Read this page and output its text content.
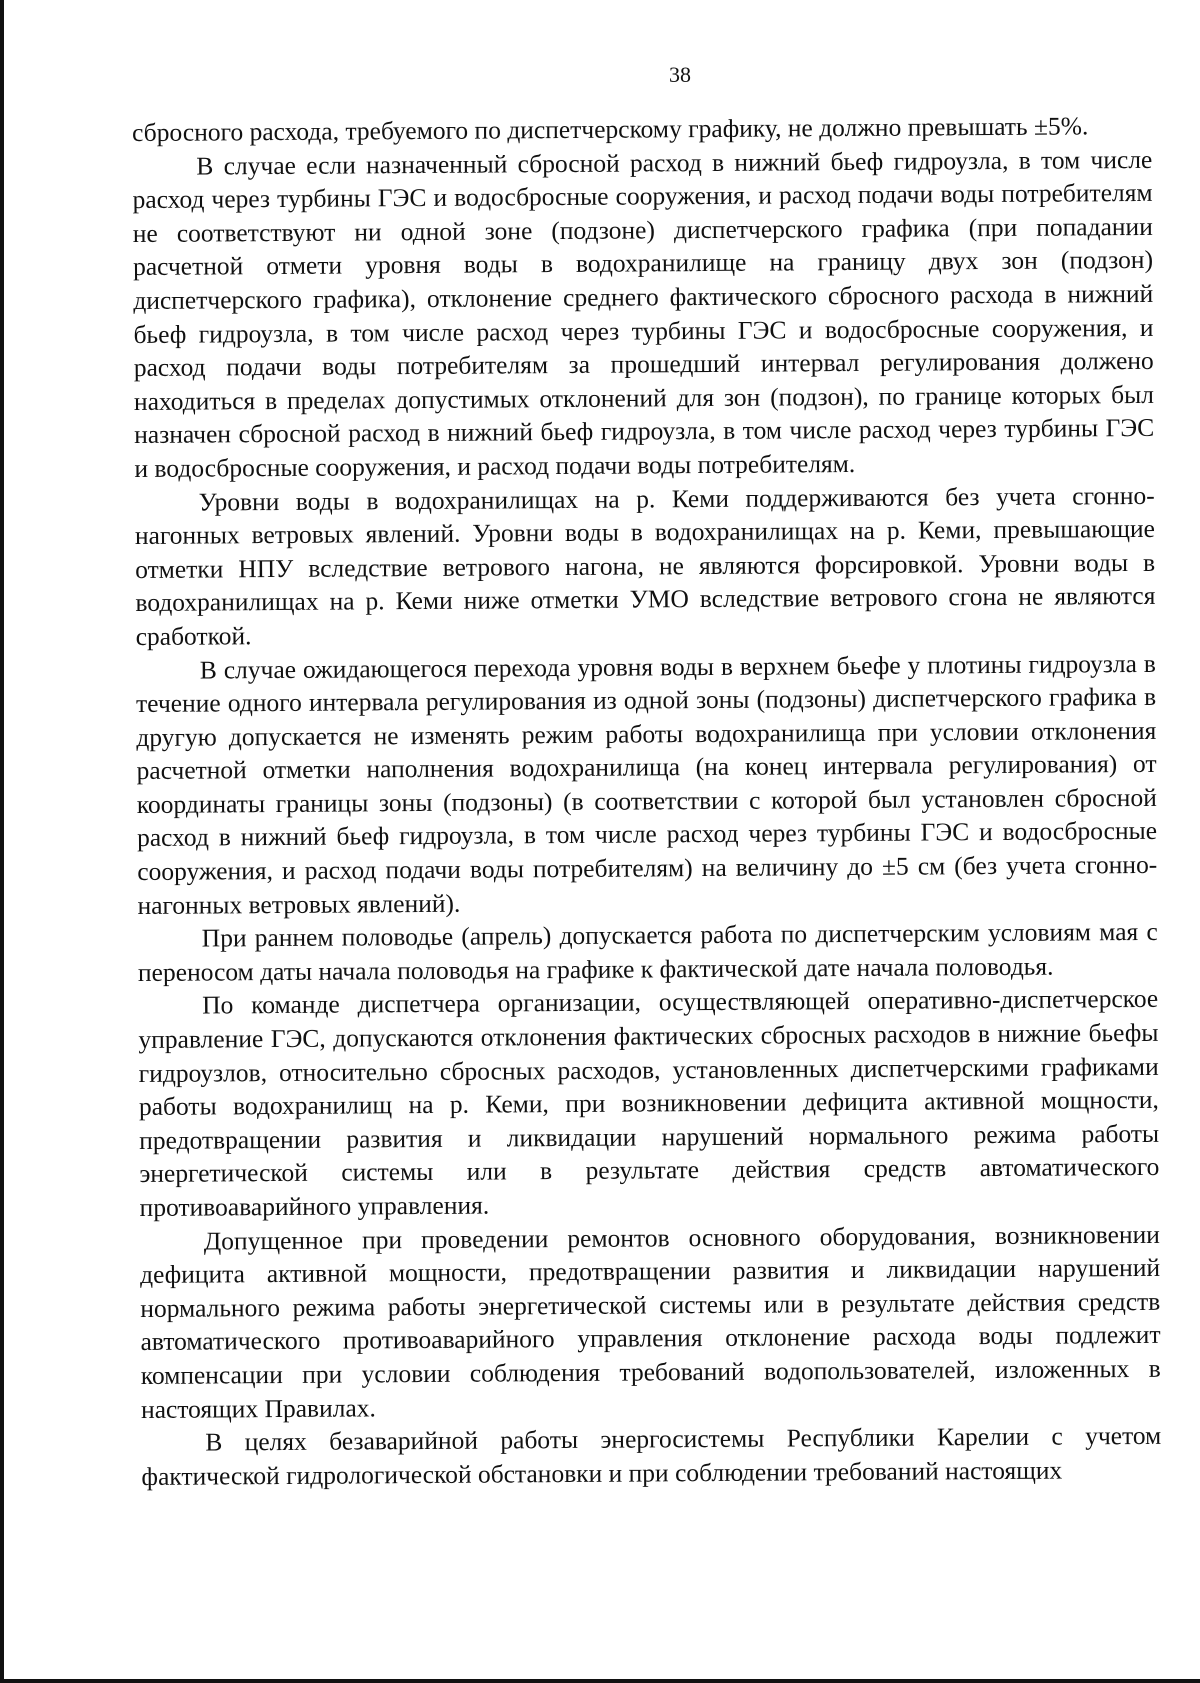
38

сбросного расхода, требуемого по диспетчерскому графику, не должно превышать ±5%.

В случае если назначенный сбросной расход в нижний бьеф гидроузла, в том числе расход через турбины ГЭС и водосбросные сооружения, и расход подачи воды потребителям не соответствуют ни одной зоне (подзоне) диспетчерского графика (при попадании расчетной отмети уровня воды в водохранилище на границу двух зон (подзон) диспетчерского графика), отклонение среднего фактического сбросного расхода в нижний бьеф гидроузла, в том числе расход через турбины ГЭС и водосбросные сооружения, и расход подачи воды потребителям за прошедший интервал регулирования должено находиться в пределах допустимых отклонений для зон (подзон), по границе которых был назначен сбросной расход в нижний бьеф гидроузла, в том числе расход через турбины ГЭС и водосбросные сооружения, и расход подачи воды потребителям.

Уровни воды в водохранилищах на р. Кеми поддерживаются без учета сгонно-нагонных ветровых явлений. Уровни воды в водохранилищах на р. Кеми, превышающие отметки НПУ вследствие ветрового нагона, не являются форсировкой. Уровни воды в водохранилищах на р. Кеми ниже отметки УМО вследствие ветрового сгона не являются сработкой.

В случае ожидающегося перехода уровня воды в верхнем бьефе у плотины гидроузла в течение одного интервала регулирования из одной зоны (подзоны) диспетчерского графика в другую допускается не изменять режим работы водохранилища при условии отклонения расчетной отметки наполнения водохранилища (на конец интервала регулирования) от координаты границы зоны (подзоны) (в соответствии с которой был установлен сбросной расход в нижний бьеф гидроузла, в том числе расход через турбины ГЭС и водосбросные сооружения, и расход подачи воды потребителям) на величину до ±5 см (без учета сгонно-нагонных ветровых явлений).

При раннем половодье (апрель) допускается работа по диспетчерским условиям мая с переносом даты начала половодья на графике к фактической дате начала половодья.

По команде диспетчера организации, осуществляющей оперативно-диспетчерское управление ГЭС, допускаются отклонения фактических сбросных расходов в нижние бьефы гидроузлов, относительно сбросных расходов, установленных диспетчерскими графиками работы водохранилищ на р. Кеми, при возникновении дефицита активной мощности, предотвращении развития и ликвидации нарушений нормального режима работы энергетической системы или в результате действия средств автоматического противоаварийного управления.

Допущенное при проведении ремонтов основного оборудования, возникновении дефицита активной мощности, предотвращении развития и ликвидации нарушений нормального режима работы энергетической системы или в результате действия средств автоматического противоаварийного управления отклонение расхода воды подлежит компенсации при условии соблюдения требований водопользователей, изложенных в настоящих Правилах.

В целях безаварийной работы энергосистемы Республики Карелии с учетом фактической гидрологической обстановки и при соблюдении требований настоящих
